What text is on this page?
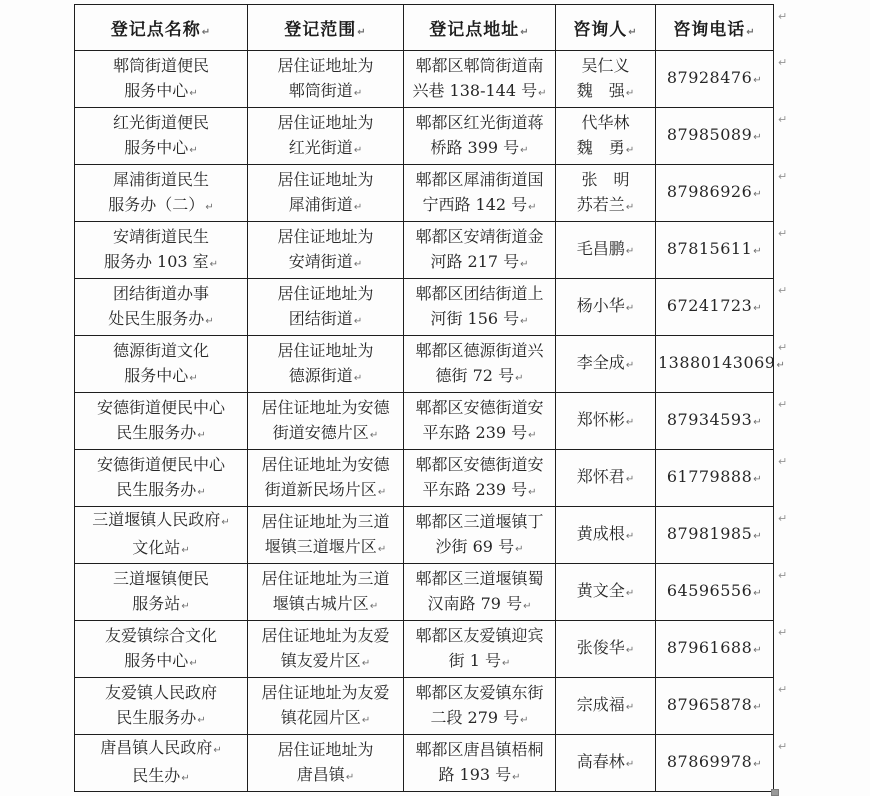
登记点名称↵	登记范围↵	登记点地址↵	咨询人↵	咨询电话↵
郫筒街道便民
服务中心↵	居住证地址为
郫筒街道↵	郫都区郫筒街道南
兴巷 138-144 号↵	吴仁义
魏　强↵	87928476↵
红光街道便民
服务中心↵	居住证地址为
红光街道↵	郫都区红光街道蒋
桥路 399 号↵	代华林
魏　勇↵	87985089↵
犀浦街道民生
服务办（二）↵	居住证地址为
犀浦街道↵	郫都区犀浦街道国
宁西路 142 号↵	张　明
苏若兰↵	87986926↵
安靖街道民生
服务办 103 室↵	居住证地址为
安靖街道↵	郫都区安靖街道金
河路 217 号↵	毛昌鹏↵	87815611↵
团结街道办事
处民生服务办↵	居住证地址为
团结街道↵	郫都区团结街道上
河街 156 号↵	杨小华↵	67241723↵
德源街道文化
服务中心↵	居住证地址为
德源街道↵	郫都区德源街道兴
德街 72 号↵	李全成↵	13880143069↵
安德街道便民中心
民生服务办↵	居住证地址为安德
街道安德片区↵	郫都区安德街道安
平东路 239 号↵	郑怀彬↵	87934593↵
安德街道便民中心
民生服务办↵	居住证地址为安德
街道新民场片区↵	郫都区安德街道安
平东路 239 号↵	郑怀君↵	61779888↵
三道堰镇人民政府↵
文化站↵	居住证地址为三道
堰镇三道堰片区↵	郫都区三道堰镇丁
沙街 69 号↵	黄成根↵	87981985↵
三道堰镇便民
服务站↵	居住证地址为三道
堰镇古城片区↵	郫都区三道堰镇蜀
汉南路 79 号↵	黄文全↵	64596556↵
友爱镇综合文化
服务中心↵	居住证地址为友爱
镇友爱片区↵	郫都区友爱镇迎宾
街 1 号↵	张俊华↵	87961688↵
友爱镇人民政府
民生服务办↵	居住证地址为友爱
镇花园片区↵	郫都区友爱镇东街
二段 279 号↵	宗成福↵	87965878↵
唐昌镇人民政府↵
民生办↵	居住证地址为
唐昌镇↵	郫都区唐昌镇梧桐
路 193 号↵	高春林↵	87869978↵
↵
↵
↵
↵
↵
↵
↵
↵
↵
↵
↵
↵
↵
↵
